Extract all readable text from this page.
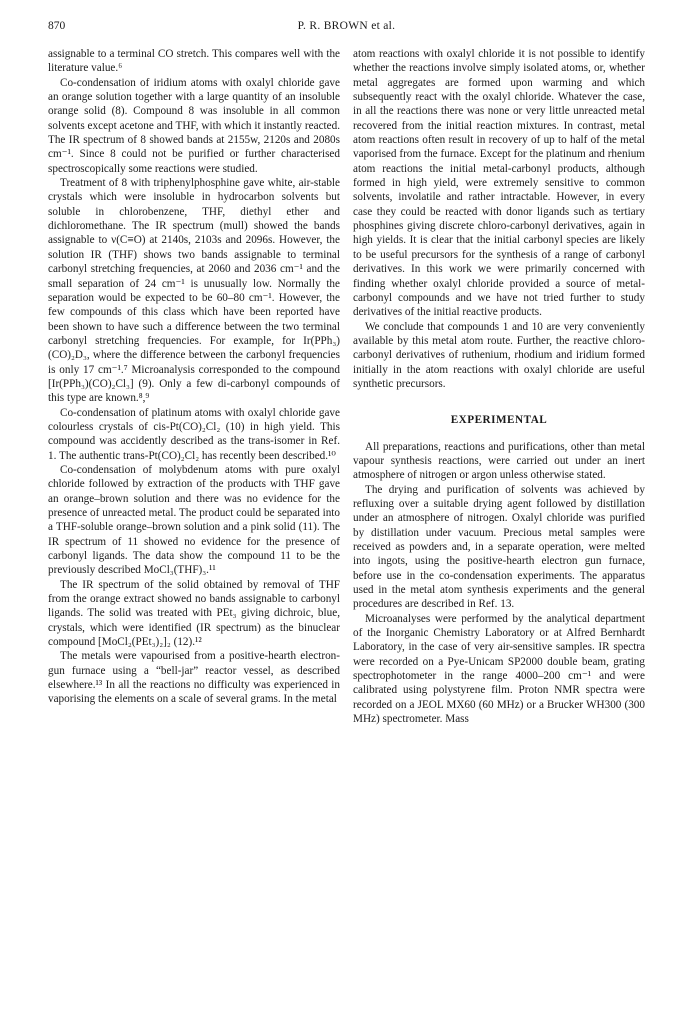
870	P. R. BROWN et al.

assignable to a terminal CO stretch. This compares well with the literature value.⁶

Co-condensation of iridium atoms with oxalyl chloride gave an orange solution together with a large quantity of an insoluble orange solid (8). Compound 8 was insoluble in all common solvents except acetone and THF, with which it instantly reacted. The IR spectrum of 8 showed bands at 2155w, 2120s and 2080s cm⁻¹. Since 8 could not be purified or further characterised spectroscopically some reactions were studied.

Treatment of 8 with triphenylphosphine gave white, air-stable crystals which were insoluble in hydrocarbon solvents but soluble in chlorobenzene, THF, diethyl ether and dichloromethane. The IR spectrum (mull) showed the bands assignable to ν(C≡O) at 2140s, 2103s and 2096s. However, the solution IR (THF) shows two bands assignable to terminal carbonyl stretching frequencies, at 2060 and 2036 cm⁻¹ and the small separation of 24 cm⁻¹ is unusually low. Normally the separation would be expected to be 60–80 cm⁻¹. However, the few compounds of this class which have been reported have been shown to have such a difference between the two terminal carbonyl stretching frequencies. For example, for Ir(PPh₃)(CO)₂D₃, where the difference between the carbonyl frequencies is only 17 cm⁻¹.⁷ Microanalysis corresponded to the compound [Ir(PPh₃)(CO)₂Cl₃] (9). Only a few di-carbonyl compounds of this type are known.⁸,⁹

Co-condensation of platinum atoms with oxalyl chloride gave colourless crystals of cis-Pt(CO)₂Cl₂ (10) in high yield. This compound was accidently described as the trans-isomer in Ref. 1. The authentic trans-Pt(CO)₂Cl₂ has recently been described.¹⁰

Co-condensation of molybdenum atoms with pure oxalyl chloride followed by extraction of the products with THF gave an orange–brown solution and there was no evidence for the presence of unreacted metal. The product could be separated into a THF-soluble orange–brown solution and a pink solid (11). The IR spectrum of 11 showed no evidence for the presence of carbonyl ligands. The data show the compound 11 to be the previously described MoCl₃(THF)₃.¹¹

The IR spectrum of the solid obtained by removal of THF from the orange extract showed no bands assignable to carbonyl ligands. The solid was treated with PEt₃ giving dichroic, blue, crystals, which were identified (IR spectrum) as the binuclear compound [MoCl₂(PEt₃)₂]₂ (12).¹²

The metals were vapourised from a positive-hearth electron-gun furnace using a “bell-jar” reactor vessel, as described elsewhere.¹³ In all the reactions no difficulty was experienced in vaporising the elements on a scale of several grams. In the metal

atom reactions with oxalyl chloride it is not possible to identify whether the reactions involve simply isolated atoms, or, whether metal aggregates are formed upon warming and which subsequently react with the oxalyl chloride. Whatever the case, in all the reactions there was none or very little unreacted metal recovered from the initial reaction mixtures. In contrast, metal atom reactions often result in recovery of up to half of the metal vaporised from the furnace. Except for the platinum and rhenium atom reactions the initial metal-carbonyl products, although formed in high yield, were extremely sensitive to common solvents, involatile and rather intractable. However, in every case they could be reacted with donor ligands such as tertiary phosphines giving discrete chloro-carbonyl derivatives, again in high yields. It is clear that the initial carbonyl species are likely to be useful precursors for the synthesis of a range of carbonyl derivatives. In this work we were primarily concerned with finding whether oxalyl chloride provided a source of metal-carbonyl compounds and we have not tried further to study derivatives of the initial reactive products.

We conclude that compounds 1 and 10 are very conveniently available by this metal atom route. Further, the reactive chloro-carbonyl derivatives of ruthenium, rhodium and iridium formed initially in the atom reactions with oxalyl chloride are useful synthetic precursors.

EXPERIMENTAL

All preparations, reactions and purifications, other than metal vapour synthesis reactions, were carried out under an inert atmosphere of nitrogen or argon unless otherwise stated.

The drying and purification of solvents was achieved by refluxing over a suitable drying agent followed by distillation under an atmosphere of nitrogen. Oxalyl chloride was purified by distillation under vacuum. Precious metal samples were received as powders and, in a separate operation, were melted into ingots, using the positive-hearth electron gun furnace, before use in the co-condensation experiments. The apparatus used in the metal atom synthesis experiments and the general procedures are described in Ref. 13.

Microanalyses were performed by the analytical department of the Inorganic Chemistry Laboratory or at Alfred Bernhardt Laboratory, in the case of very air-sensitive samples. IR spectra were recorded on a Pye-Unicam SP2000 double beam, grating spectrophotometer in the range 4000–200 cm⁻¹ and were calibrated using polystyrene film. Proton NMR spectra were recorded on a JEOL MX60 (60 MHz) or a Brucker WH300 (300 MHz) spectrometer. Mass
